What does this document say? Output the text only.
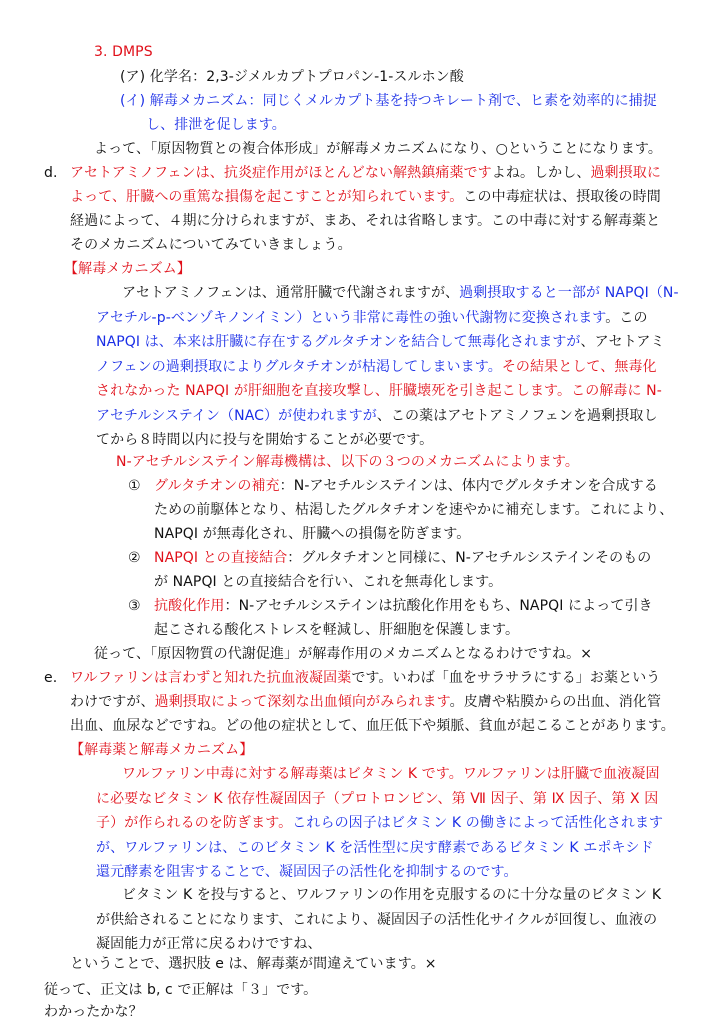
3. DMPS
(ア) 化学名：2,3-ジメルカプトプロパン-1-スルホン酸
(イ) 解毒メカニズム：同じくメルカプト基を持つキレート剤で、ヒ素を効率的に捕捉
し、排泄を促します。
よって、「原因物質との複合体形成」が解毒メカニズムになり、○ということになります。
d. アセトアミノフェンは、抗炎症作用がほとんどない解熱鎮痛薬ですよね。しかし、過剰摂取に
よって、肝臓への重篤な損傷を起こすことが知られています。この中毒症状は、摂取後の時間
経過によって、４期に分けられますが、まあ、それは省略します。この中毒に対する解毒薬と
そのメカニズムについてみていきましょう。
【解毒メカニズム】
アセトアミノフェンは、通常肝臓で代謝されますが、過剰摂取すると一部が NAPQI（N-
アセチル-p-ベンゾキノンイミン）という非常に毒性の強い代謝物に変換されます。この
NAPQI は、本来は肝臓に存在するグルタチオンを結合して無毒化されますが、アセトアミ
ノフェンの過剰摂取によりグルタチオンが枯渇してしまいます。その結果として、無毒化
されなかった NAPQI が肝細胞を直接攻撃し、肝臓壊死を引き起こします。この解毒に N-
アセチルシステイン（NAC）が使われますが、この薬はアセトアミノフェンを過剰摂取し
てから８時間以内に投与を開始することが必要です。
N-アセチルシステイン解毒機構は、以下の３つのメカニズムによります。
① グルタチオンの補充：N-アセチルシステインは、体内でグルタチオンを合成する
ための前駆体となり、枯渇したグルタチオンを速やかに補充します。これにより、
NAPQI が無毒化され、肝臓への損傷を防ぎます。
② NAPQI との直接結合：グルタチオンと同様に、N-アセチルシステインそのもの
が NAPQI との直接結合を行い、これを無毒化します。
③ 抗酸化作用：N-アセチルシステインは抗酸化作用をもち、NAPQI によって引き
起こされる酸化ストレスを軽減し、肝細胞を保護します。
従って、「原因物質の代謝促進」が解毒作用のメカニズムとなるわけですね。×
e. ワルファリンは言わずと知れた抗血液凝固薬です。いわば「血をサラサラにする」お薬という
わけですが、過剰摂取によって深刻な出血傾向がみられます。皮膚や粘膜からの出血、消化管
出血、血尿などですね。どの他の症状として、血圧低下や頻脈、貧血が起こることがあります。
【解毒薬と解毒メカニズム】
ワルファリン中毒に対する解毒薬はビタミン K です。ワルファリンは肝臓で血液凝固
に必要なビタミン K 依存性凝固因子（プロトロンビン、第 Ⅶ 因子、第 Ⅸ 因子、第 X 因
子）が作られるのを防ぎます。これらの因子はビタミン K の働きによって活性化されます
が、ワルファリンは、このビタミン K を活性型に戻す酵素であるビタミン K エポキシド
還元酵素を阻害することで、凝固因子の活性化を抑制するのです。
ビタミン K を投与すると、ワルファリンの作用を克服するのに十分な量のビタミン K
が供給されることになります、これにより、凝固因子の活性化サイクルが回復し、血液の
凝固能力が正常に戻るわけですね、
ということで、選択肢 e は、解毒薬が間違えています。×
従って、正文は b, c で正解は「３」です。
わかったかな？
